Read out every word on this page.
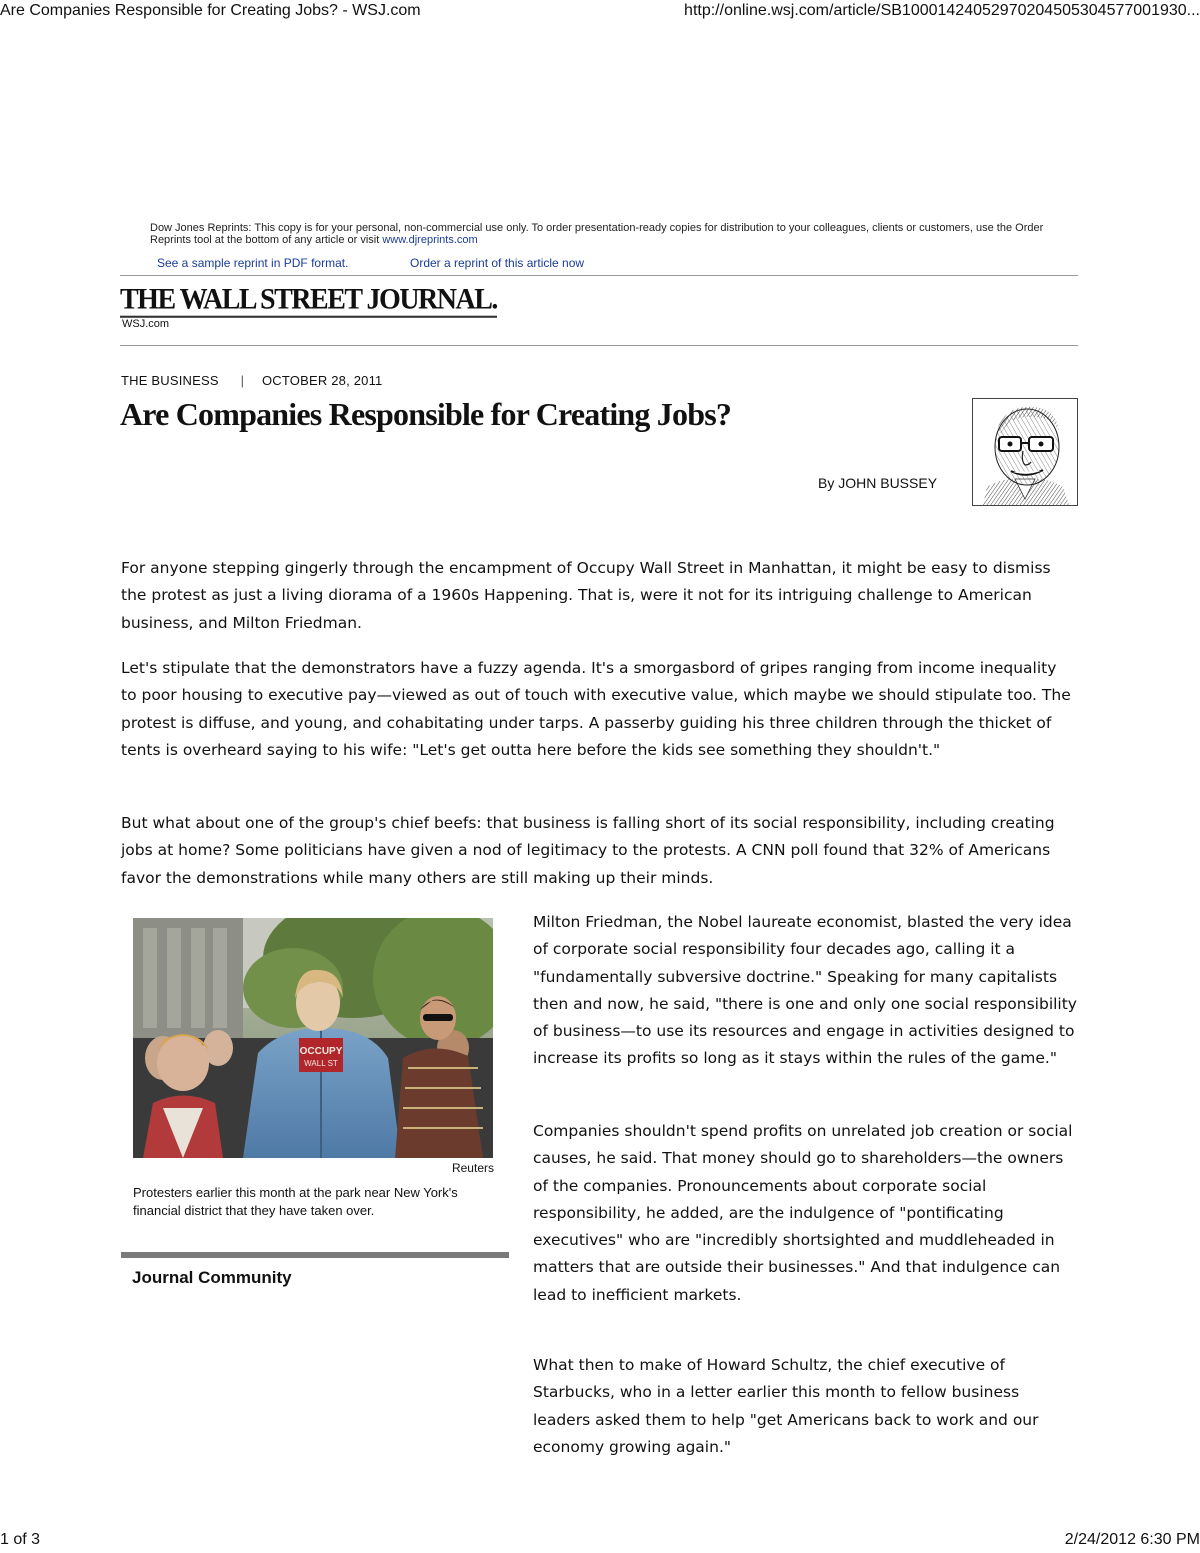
Are Companies Responsible for Creating Jobs? - WSJ.com	http://online.wsj.com/article/SB10001424052970204505304577001930...
Dow Jones Reprints: This copy is for your personal, non-commercial use only. To order presentation-ready copies for distribution to your colleagues, clients or customers, use the Order Reprints tool at the bottom of any article or visit www.djreprints.com
See a sample reprint in PDF format.	Order a reprint of this article now
THE WALL STREET JOURNAL.
WSJ.com
THE BUSINESS | OCTOBER 28, 2011
Are Companies Responsible for Creating Jobs?
By JOHN BUSSEY
For anyone stepping gingerly through the encampment of Occupy Wall Street in Manhattan, it might be easy to dismiss the protest as just a living diorama of a 1960s Happening. That is, were it not for its intriguing challenge to American business, and Milton Friedman.
Let's stipulate that the demonstrators have a fuzzy agenda. It's a smorgasbord of gripes ranging from income inequality to poor housing to executive pay—viewed as out of touch with executive value, which maybe we should stipulate too. The protest is diffuse, and young, and cohabitating under tarps. A passerby guiding his three children through the thicket of tents is overheard saying to his wife: "Let's get outta here before the kids see something they shouldn't."
But what about one of the group's chief beefs: that business is falling short of its social responsibility, including creating jobs at home? Some politicians have given a nod of legitimacy to the protests. A CNN poll found that 32% of Americans favor the demonstrations while many others are still making up their minds.
OCCUPY
WALL ST
Reuters
Protesters earlier this month at the park near New York's financial district that they have taken over.
Journal Community
Milton Friedman, the Nobel laureate economist, blasted the very idea of corporate social responsibility four decades ago, calling it a "fundamentally subversive doctrine." Speaking for many capitalists then and now, he said, "there is one and only one social responsibility of business—to use its resources and engage in activities designed to increase its profits so long as it stays within the rules of the game."
Companies shouldn't spend profits on unrelated job creation or social causes, he said. That money should go to shareholders—the owners of the companies. Pronouncements about corporate social responsibility, he added, are the indulgence of "pontificating executives" who are "incredibly shortsighted and muddleheaded in matters that are outside their businesses." And that indulgence can lead to inefficient markets.
What then to make of Howard Schultz, the chief executive of Starbucks, who in a letter earlier this month to fellow business leaders asked them to help "get Americans back to work and our economy growing again."
1 of 3	2/24/2012 6:30 PM
